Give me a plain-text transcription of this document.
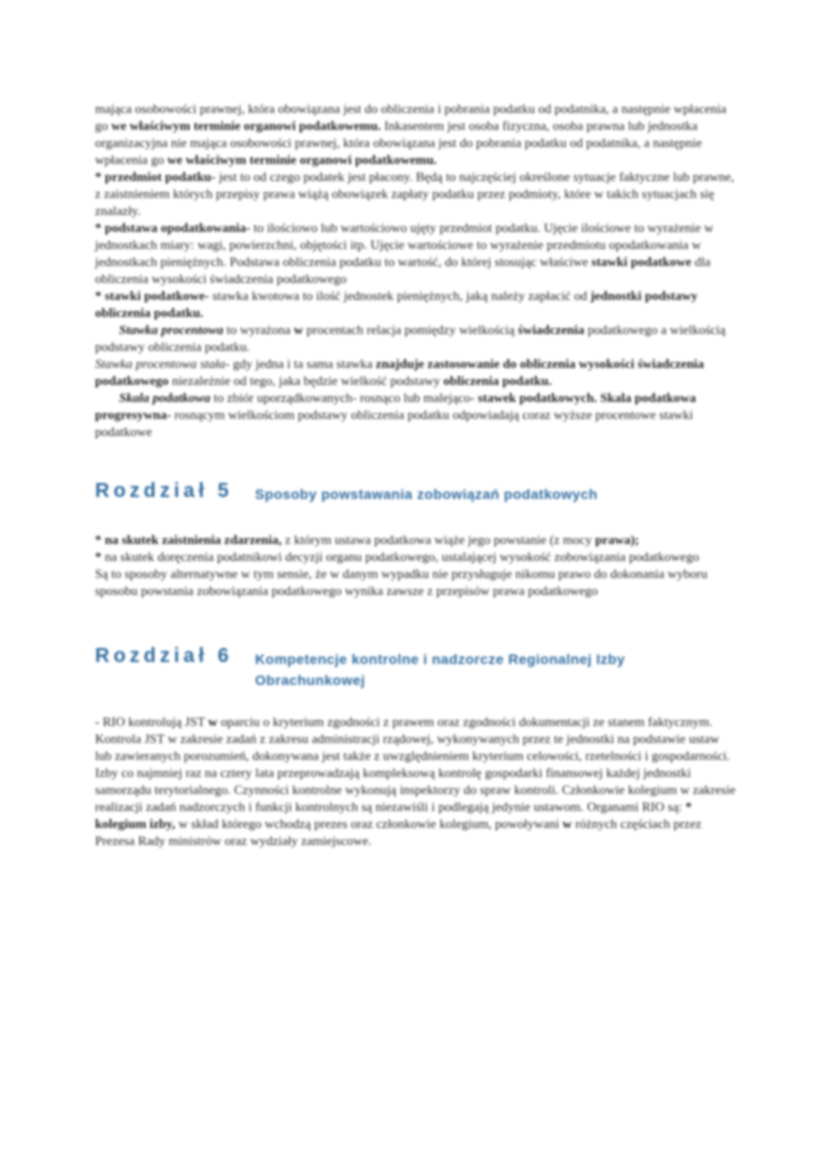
mająca osobowości prawnej, która obowiązana jest do obliczenia i pobrania podatku od podatnika, a następnie wpłacenia go we właściwym terminie organowi podatkowemu. Inkasentem jest osoba fizyczna, osoba prawna lub jednostka organizacyjna nie mająca osobowości prawnej, która obowiązana jest do pobrania podatku od podatnika, a następnie wpłacenia go we właściwym terminie organowi podatkowemu.

* przedmiot podatku- jest to od czego podatek jest płacony. Będą to najczęściej określone sytuacje faktyczne lub prawne, z zaistnieniem których przepisy prawa wiążą obowiązek zapłaty podatku przez podmioty, które w takich sytuacjach się znalazły.

* podstawa opodatkowania- to ilościowo lub wartościowo ujęty przedmiot podatku. Ujęcie ilościowe to wyrażenie w jednostkach miary: wagi, powierzchni, objętości itp. Ujęcie wartościowe to wyrażenie przedmiotu opodatkowania w jednostkach pieniężnych. Podstawa obliczenia podatku to wartość, do której stosując właściwe stawki podatkowe dla obliczenia wysokości świadczenia podatkowego

* stawki podatkowe- stawka kwotowa to ilość jednostek pieniężnych, jaką należy zapłacić od jednostki podstawy obliczenia podatku.

Stawka procentowa to wyrażona w procentach relacja pomiędzy wielkością świadczenia podatkowego a wielkością podstawy obliczenia podatku.

Stawka procentowa stała- gdy jedna i ta sama stawka znajduje zastosowanie do obliczenia wysokości świadczenia podatkowego niezależnie od tego, jaka będzie wielkość podstawy obliczenia podatku.

Skala podatkowa to zbiór uporządkowanych- rosnąco lub malejąco- stawek podatkowych. Skala podatkowa progresywna- rosnącym wielkościom podstawy obliczenia podatku odpowiadają coraz wyższe procentowe stawki podatkowe

Rozdział 5	Sposoby powstawania zobowiązań podatkowych

* na skutek zaistnienia zdarzenia, z którym ustawa podatkowa wiąże jego powstanie (z mocy prawa);

* na skutek doręczenia podatnikowi decyzji organu podatkowego, ustalającej wysokość zobowiązania podatkowego

Są to sposoby alternatywne w tym sensie, że w danym wypadku nie przysługuje nikomu prawo do dokonania wyboru sposobu powstania zobowiązania podatkowego wynika zawsze z przepisów prawa podatkowego

Rozdział 6	Kompetencje kontrolne i nadzorcze Regionalnej Izby Obrachunkowej

- RIO kontrolują JST w oparciu o kryterium zgodności z prawem oraz zgodności dokumentacji ze stanem faktycznym. Kontrola JST w zakresie zadań z zakresu administracji rządowej, wykonywanych przez te jednostki na podstawie ustaw lub zawieranych porozumień, dokonywana jest także z uwzględnieniem kryterium celowości, rzetelności i gospodarności. Izby co najmniej raz na cztery lata przeprowadzają kompleksową kontrolę gospodarki finansowej każdej jednostki samorządu terytorialnego. Czynności kontrolne wykonują inspektorzy do spraw kontroli. Członkowie kolegium w zakresie realizacji zadań nadzorczych i funkcji kontrolnych są niezawiśli i podlegają jedynie ustawom. Organami RIO są: * kolegium izby, w skład którego wchodzą prezes oraz członkowie kolegium, powoływani w różnych częściach przez Prezesa Rady ministrów oraz wydziały zamiejscowe.
